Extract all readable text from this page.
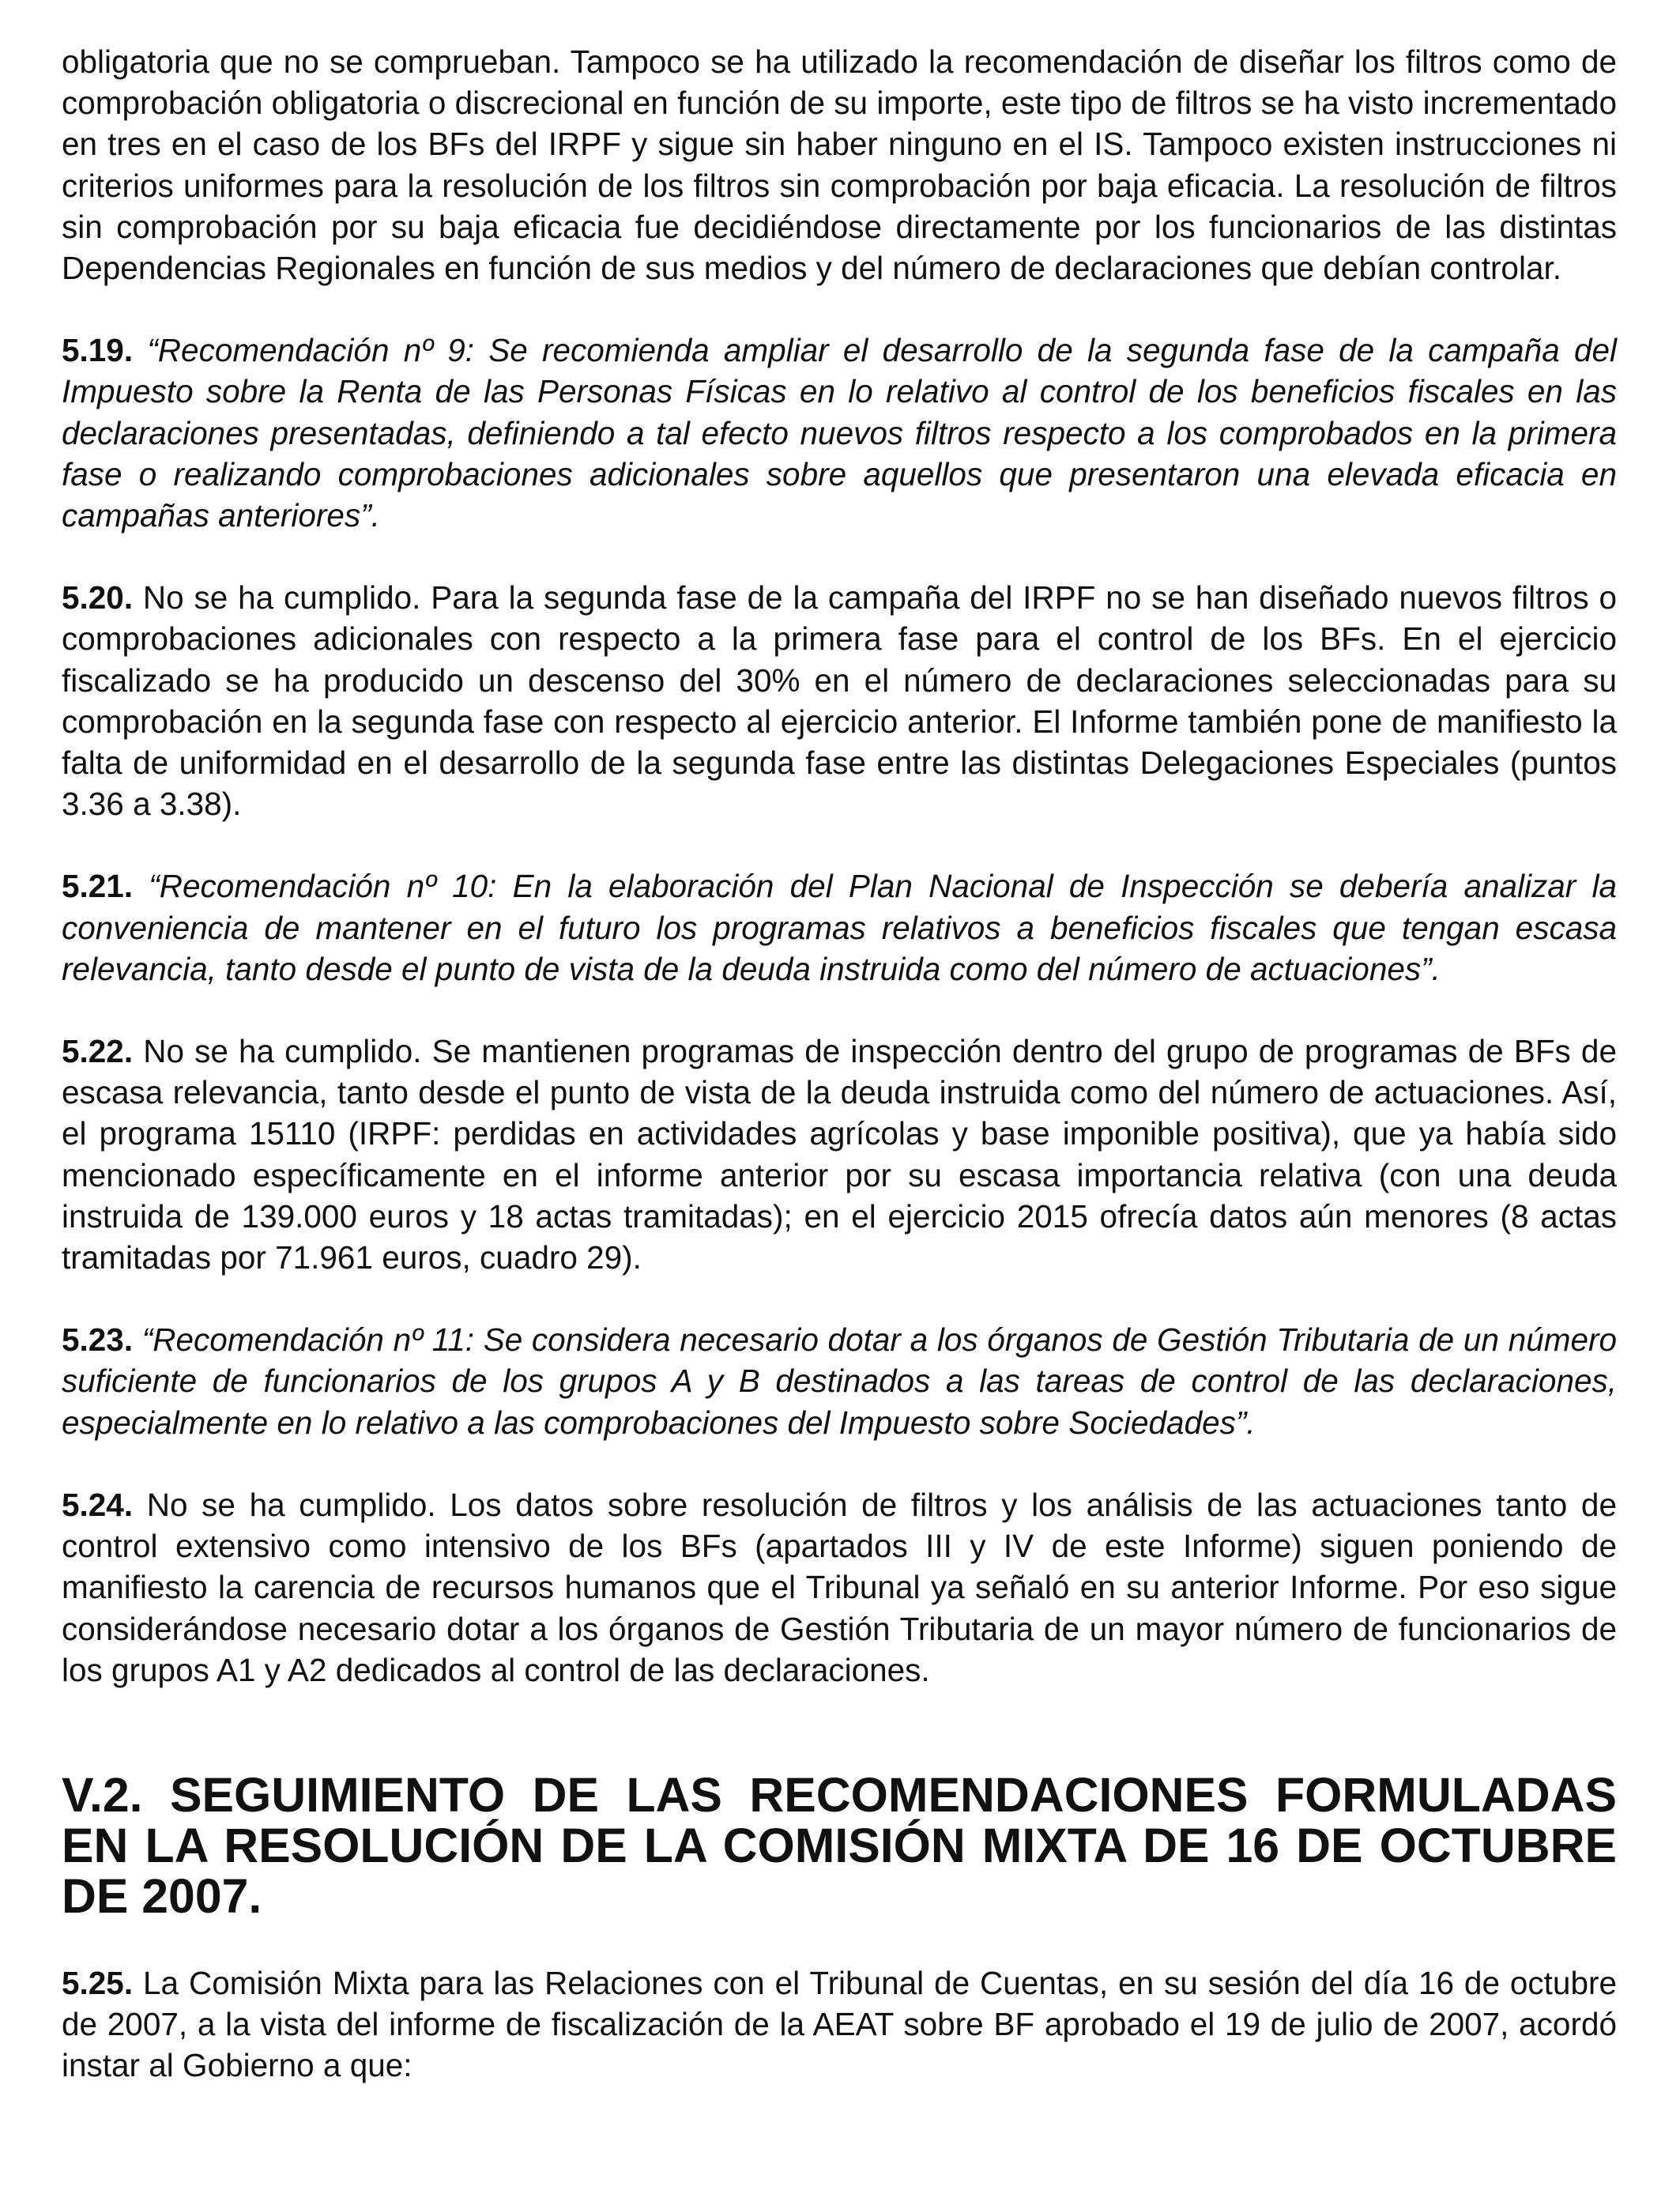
obligatoria que no se comprueban. Tampoco se ha utilizado la recomendación de diseñar los filtros como de comprobación obligatoria o discrecional en función de su importe, este tipo de filtros se ha visto incrementado en tres en el caso de los BFs del IRPF y sigue sin haber ninguno en el IS. Tampoco existen instrucciones ni criterios uniformes para la resolución de los filtros sin comprobación por baja eficacia. La resolución de filtros sin comprobación por su baja eficacia fue decidiéndose directamente por los funcionarios de las distintas Dependencias Regionales en función de sus medios y del número de declaraciones que debían controlar.

5.19. “Recomendación nº 9: Se recomienda ampliar el desarrollo de la segunda fase de la campaña del Impuesto sobre la Renta de las Personas Físicas en lo relativo al control de los beneficios fiscales en las declaraciones presentadas, definiendo a tal efecto nuevos filtros respecto a los comprobados en la primera fase o realizando comprobaciones adicionales sobre aquellos que presentaron una elevada eficacia en campañas anteriores”.

5.20. No se ha cumplido. Para la segunda fase de la campaña del IRPF no se han diseñado nuevos filtros o comprobaciones adicionales con respecto a la primera fase para el control de los BFs. En el ejercicio fiscalizado se ha producido un descenso del 30% en el número de declaraciones seleccionadas para su comprobación en la segunda fase con respecto al ejercicio anterior. El Informe también pone de manifiesto la falta de uniformidad en el desarrollo de la segunda fase entre las distintas Delegaciones Especiales (puntos 3.36 a 3.38).

5.21. “Recomendación nº 10: En la elaboración del Plan Nacional de Inspección se debería analizar la conveniencia de mantener en el futuro los programas relativos a beneficios fiscales que tengan escasa relevancia, tanto desde el punto de vista de la deuda instruida como del número de actuaciones”.

5.22. No se ha cumplido. Se mantienen programas de inspección dentro del grupo de programas de BFs de escasa relevancia, tanto desde el punto de vista de la deuda instruida como del número de actuaciones. Así, el programa 15110 (IRPF: perdidas en actividades agrícolas y base imponible positiva), que ya había sido mencionado específicamente en el informe anterior por su escasa importancia relativa (con una deuda instruida de 139.000 euros y 18 actas tramitadas); en el ejercicio 2015 ofrecía datos aún menores (8 actas tramitadas por 71.961 euros, cuadro 29).

5.23. “Recomendación nº 11: Se considera necesario dotar a los órganos de Gestión Tributaria de un número suficiente de funcionarios de los grupos A y B destinados a las tareas de control de las declaraciones, especialmente en lo relativo a las comprobaciones del Impuesto sobre Sociedades”.

5.24. No se ha cumplido. Los datos sobre resolución de filtros y los análisis de las actuaciones tanto de control extensivo como intensivo de los BFs (apartados III y IV de este Informe) siguen poniendo de manifiesto la carencia de recursos humanos que el Tribunal ya señaló en su anterior Informe. Por eso sigue considerándose necesario dotar a los órganos de Gestión Tributaria de un mayor número de funcionarios de los grupos A1 y A2 dedicados al control de las declaraciones.

V.2. SEGUIMIENTO DE LAS RECOMENDACIONES FORMULADAS EN LA RESOLUCIÓN DE LA COMISIÓN MIXTA DE 16 DE OCTUBRE DE 2007.

5.25. La Comisión Mixta para las Relaciones con el Tribunal de Cuentas, en su sesión del día 16 de octubre de 2007, a la vista del informe de fiscalización de la AEAT sobre BF aprobado el 19 de julio de 2007, acordó instar al Gobierno a que:
